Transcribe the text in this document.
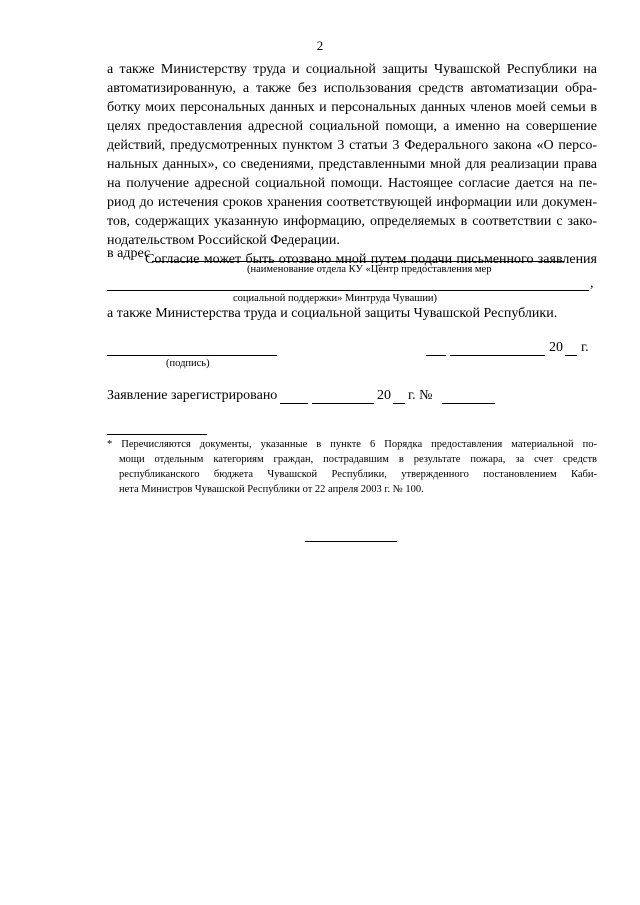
2
а также Министерству труда и социальной защиты Чувашской Республики на
автоматизированную, а также без использования средств автоматизации обра-
ботку моих персональных данных и персональных данных членов моей семьи в
целях предоставления адресной социальной помощи, а именно на совершение
действий, предусмотренных пунктом 3 статьи 3 Федерального закона «О персо-
нальных данных», со сведениями, представленными мной для реализации права
на получение адресной социальной помощи. Настоящее согласие дается на пе-
риод до истечения сроков хранения соответствующей информации или докумен-
тов, содержащих указанную информацию, определяемых в соответствии с зако-
нодательством Российской Федерации.
Согласие может быть отозвано мной путем подачи письменного заявления
в адрес
(наименование отдела КУ «Центр предоставления мер
,
социальной поддержки» Минтруда Чувашии)
а также Министерства труда и социальной защиты Чувашской Республики.
(подпись)
20 г.
Заявление зарегистрировано	20 г. №
* Перечисляются документы, указанные в пункте 6 Порядка предоставления материальной по-
мощи отдельным категориям граждан, пострадавшим в результате пожара, за счет средств
республиканского бюджета Чувашской Республики, утвержденного постановлением Каби-
нета Министров Чувашской Республики от 22 апреля 2003 г. № 100.
